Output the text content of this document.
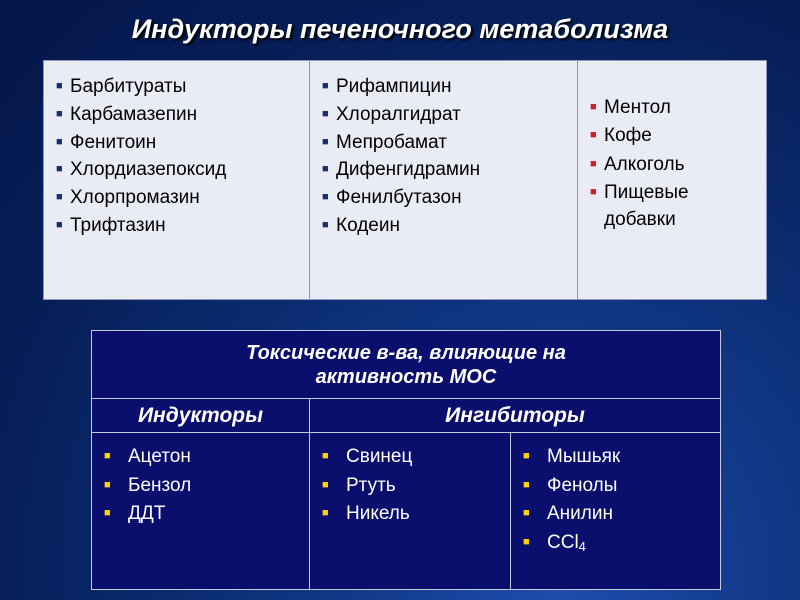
Индукторы печеночного метаболизма
■ Барбитураты
■ Карбамазепин
■ Фенитоин
■ Хлордиазепоксид
■ Хлорпромазин
■ Трифтазин
■ Рифампицин
■ Хлоралгидрат
■ Мепробамат
■ Дифенгидрамин
■ Фенилбутазон
■ Кодеин
■ Ментол
■ Кофе
■ Алкоголь
■ Пищевые
добавки
Токсические в-ва, влияющие на
активность МОС
Индукторы	Ингибиторы
■ Ацетон
■ Бензол
■ ДДТ
■ Свинец
■ Ртуть
■ Никель
■ Мышьяк
■ Фенолы
■ Анилин
■ CCl4
